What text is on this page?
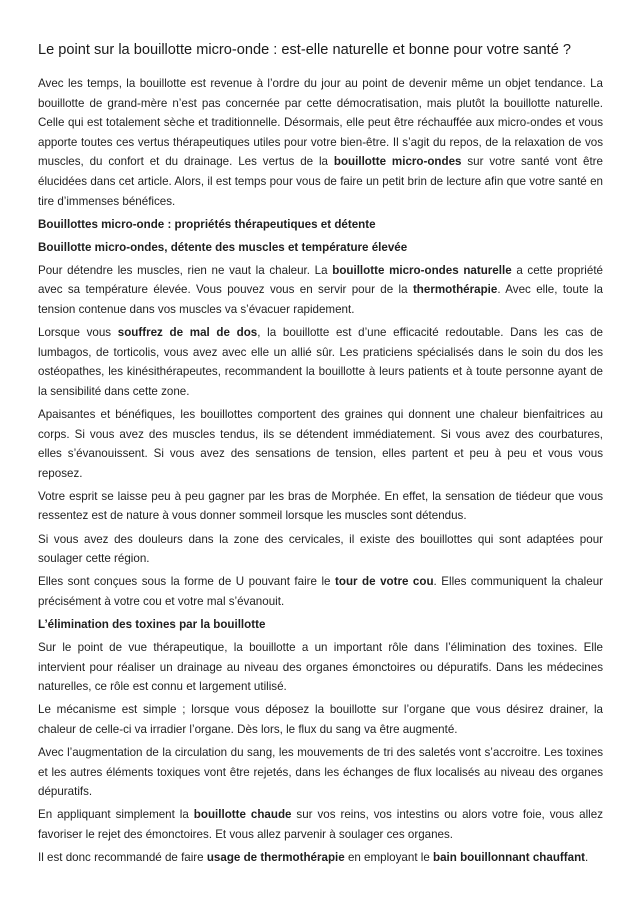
Le point sur la bouillotte micro-onde : est-elle naturelle et bonne pour votre santé ?

Avec les temps, la bouillotte est revenue à l’ordre du jour au point de devenir même un objet tendance. La bouillotte de grand-mère n’est pas concernée par cette démocratisation, mais plutôt la bouillotte naturelle. Celle qui est totalement sèche et traditionnelle. Désormais, elle peut être réchauffée aux micro-ondes et vous apporte toutes ces vertus thérapeutiques utiles pour votre bien-être. Il s’agit du repos, de la relaxation de vos muscles, du confort et du drainage. Les vertus de la bouillotte micro-ondes sur votre santé vont être élucidées dans cet article. Alors, il est temps pour vous de faire un petit brin de lecture afin que votre santé en tire d’immenses bénéfices.

Bouillottes micro-onde : propriétés thérapeutiques et détente

Bouillotte micro-ondes, détente des muscles et température élevée

Pour détendre les muscles, rien ne vaut la chaleur. La bouillotte micro-ondes naturelle a cette propriété avec sa température élevée. Vous pouvez vous en servir pour de la thermothérapie. Avec elle, toute la tension contenue dans vos muscles va s’évacuer rapidement.

Lorsque vous souffrez de mal de dos, la bouillotte est d’une efficacité redoutable. Dans les cas de lumbagos, de torticolis, vous avez avec elle un allié sûr. Les praticiens spécialisés dans le soin du dos les ostéopathes, les kinésithérapeutes, recommandent la bouillotte à leurs patients et à toute personne ayant de la sensibilité dans cette zone.

Apaisantes et bénéfiques, les bouillottes comportent des graines qui donnent une chaleur bienfaitrices au corps. Si vous avez des muscles tendus, ils se détendent immédiatement. Si vous avez des courbatures, elles s’évanouissent. Si vous avez des sensations de tension, elles partent et peu à peu et vous vous reposez.

Votre esprit se laisse peu à peu gagner par les bras de Morphée. En effet, la sensation de tiédeur que vous ressentez est de nature à vous donner sommeil lorsque les muscles sont détendus.

Si vous avez des douleurs dans la zone des cervicales, il existe des bouillottes qui sont adaptées pour soulager cette région.

Elles sont conçues sous la forme de U pouvant faire le tour de votre cou. Elles communiquent la chaleur précisément à votre cou et votre mal s’évanouit.

L’élimination des toxines par la bouillotte

Sur le point de vue thérapeutique, la bouillotte a un important rôle dans l’élimination des toxines. Elle intervient pour réaliser un drainage au niveau des organes émonctoires ou dépuratifs. Dans les médecines naturelles, ce rôle est connu et largement utilisé.

Le mécanisme est simple ; lorsque vous déposez la bouillotte sur l’organe que vous désirez drainer, la chaleur de celle-ci va irradier l’organe. Dès lors, le flux du sang va être augmenté.

Avec l’augmentation de la circulation du sang, les mouvements de tri des saletés vont s’accroitre. Les toxines et les autres éléments toxiques vont être rejetés, dans les échanges de flux localisés au niveau des organes dépuratifs.

En appliquant simplement la bouillotte chaude sur vos reins, vos intestins ou alors votre foie, vous allez favoriser le rejet des émonctoires. Et vous allez parvenir à soulager ces organes.

Il est donc recommandé de faire usage de thermothérapie en employant le bain bouillonnant chauffant.
